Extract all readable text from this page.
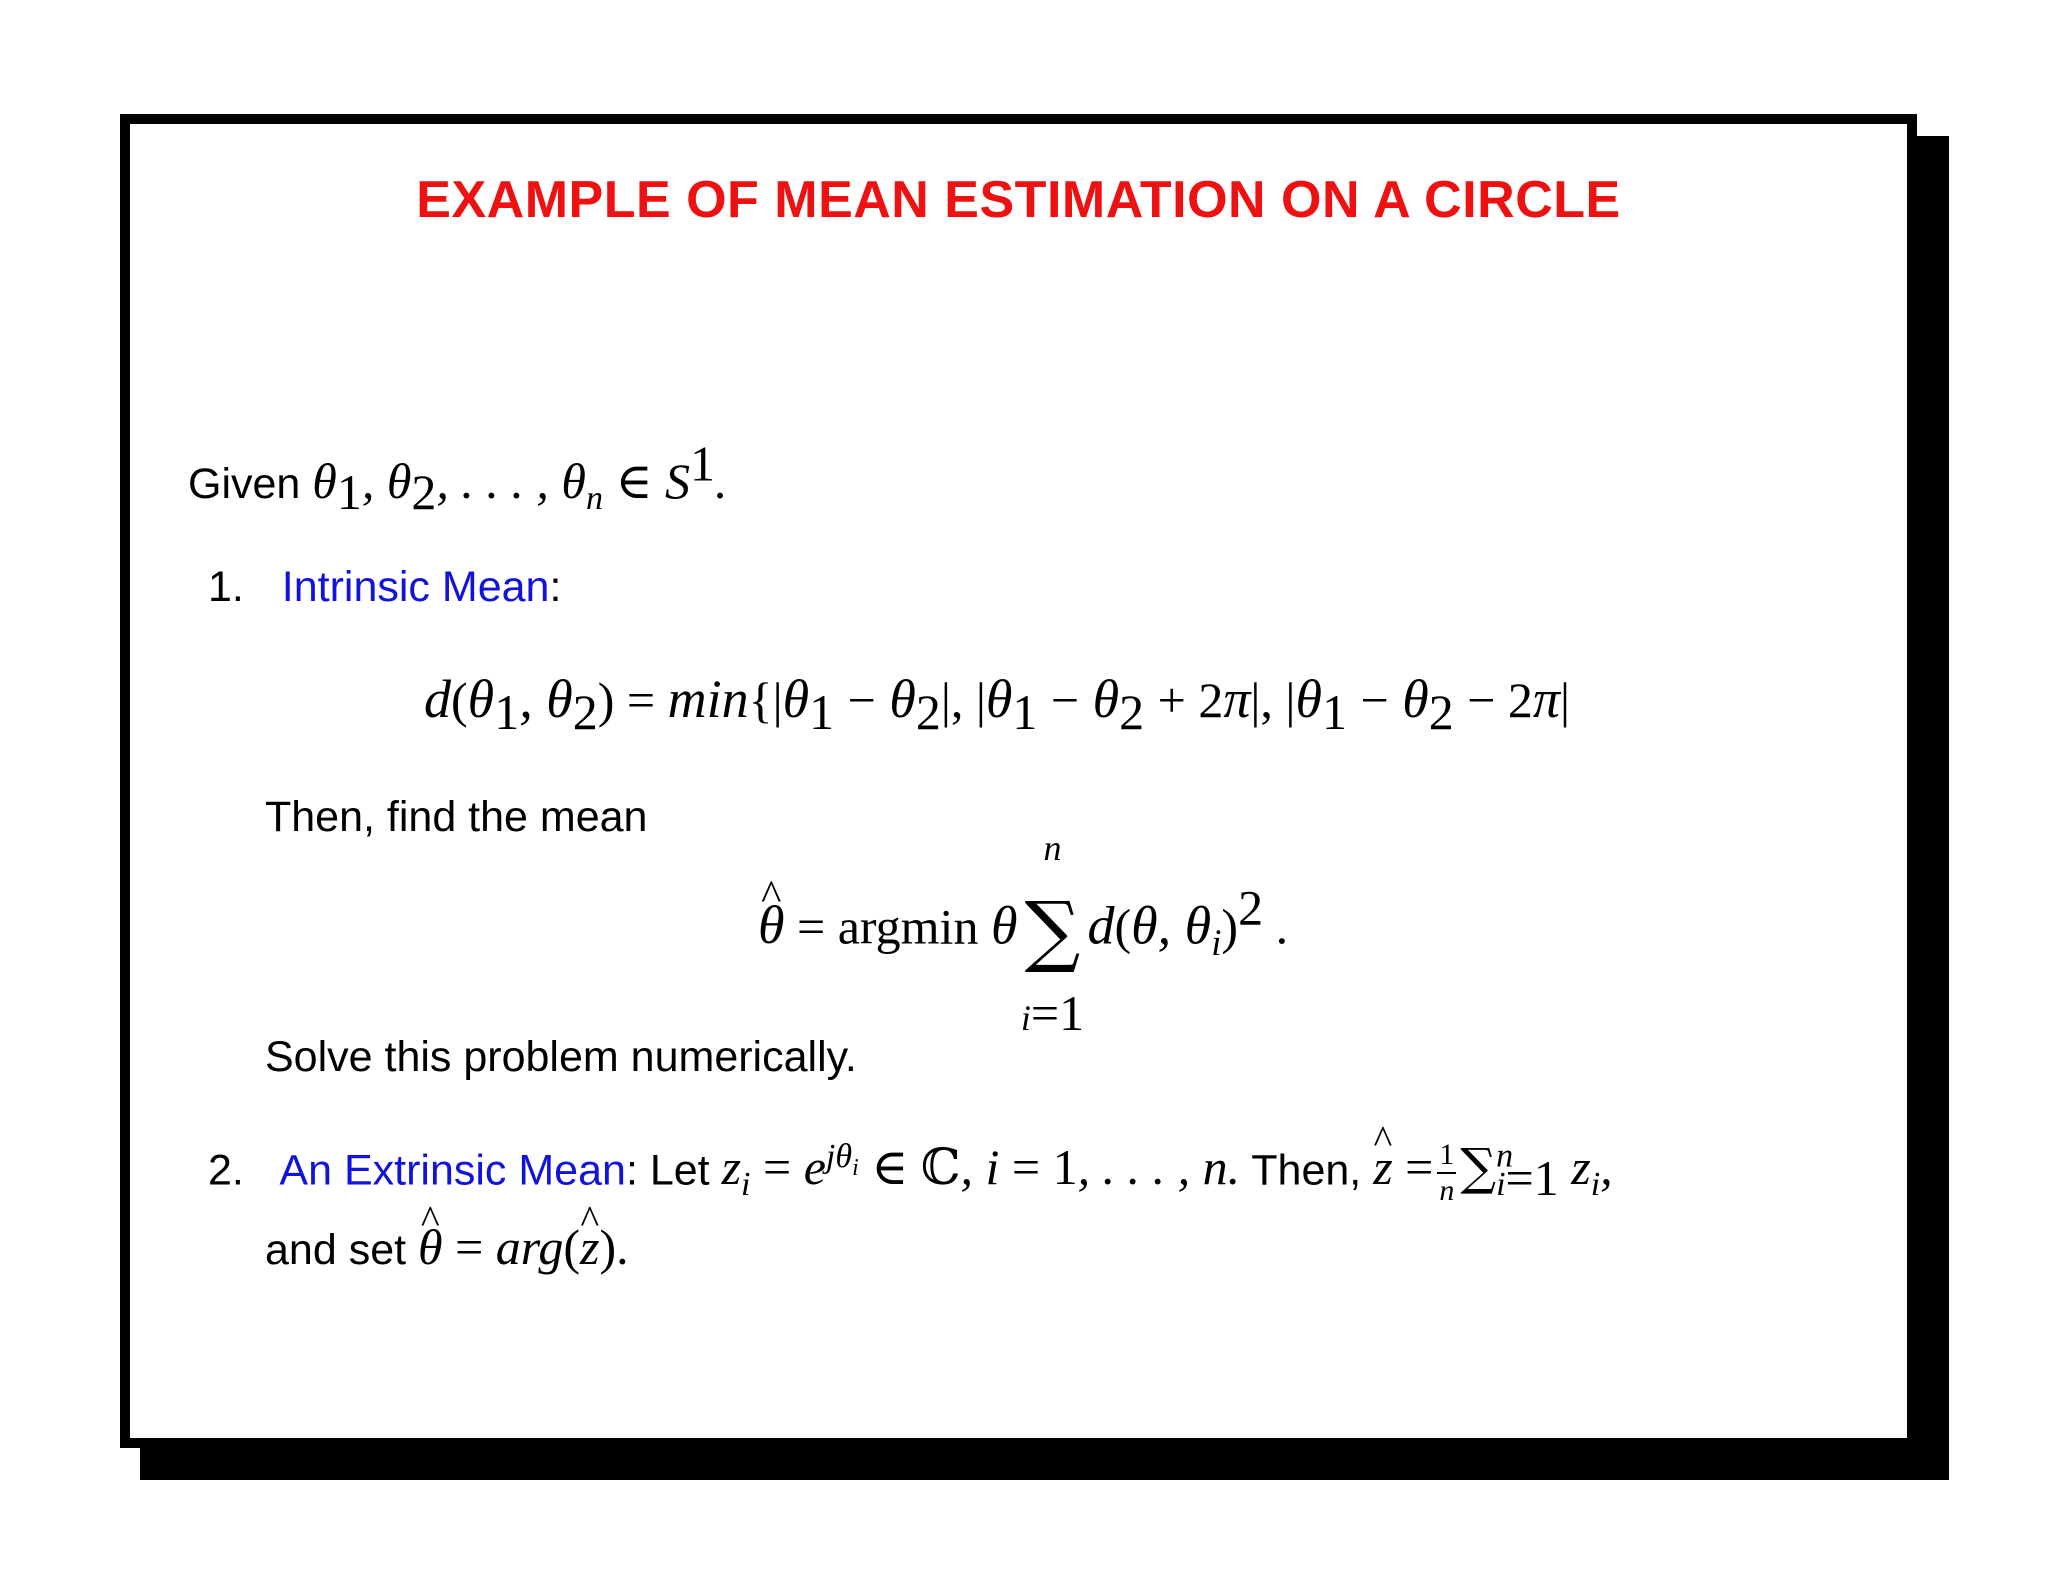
EXAMPLE OF MEAN ESTIMATION ON A CIRCLE
Given $\theta_1$, $\theta_2$, . . . , $\theta_n$ ∈ $S^1$.
1. Intrinsic Mean:
$d(\theta_1$, $\theta_2) = \min\{|\theta_1 - \theta_2|$, $|\theta_1 - \theta_2 + 2\pi|$, $|\theta_1 - \theta_2 - 2\pi|$
Then, find the mean
^ θ = argmin θ
n
∑
i=1
d(θ, $\theta_i)^2$ .
Solve this problem numerically.
2. An Extrinsic Mean: Let $z_i = e^{j\theta_i}$ ∈ ℂ, i = 1, . . . , n. Then, ^ $z = \frac{1}{n} \sum^n_{i=1}$ $z_i$,
and set ^ θ = arg(^ z).
